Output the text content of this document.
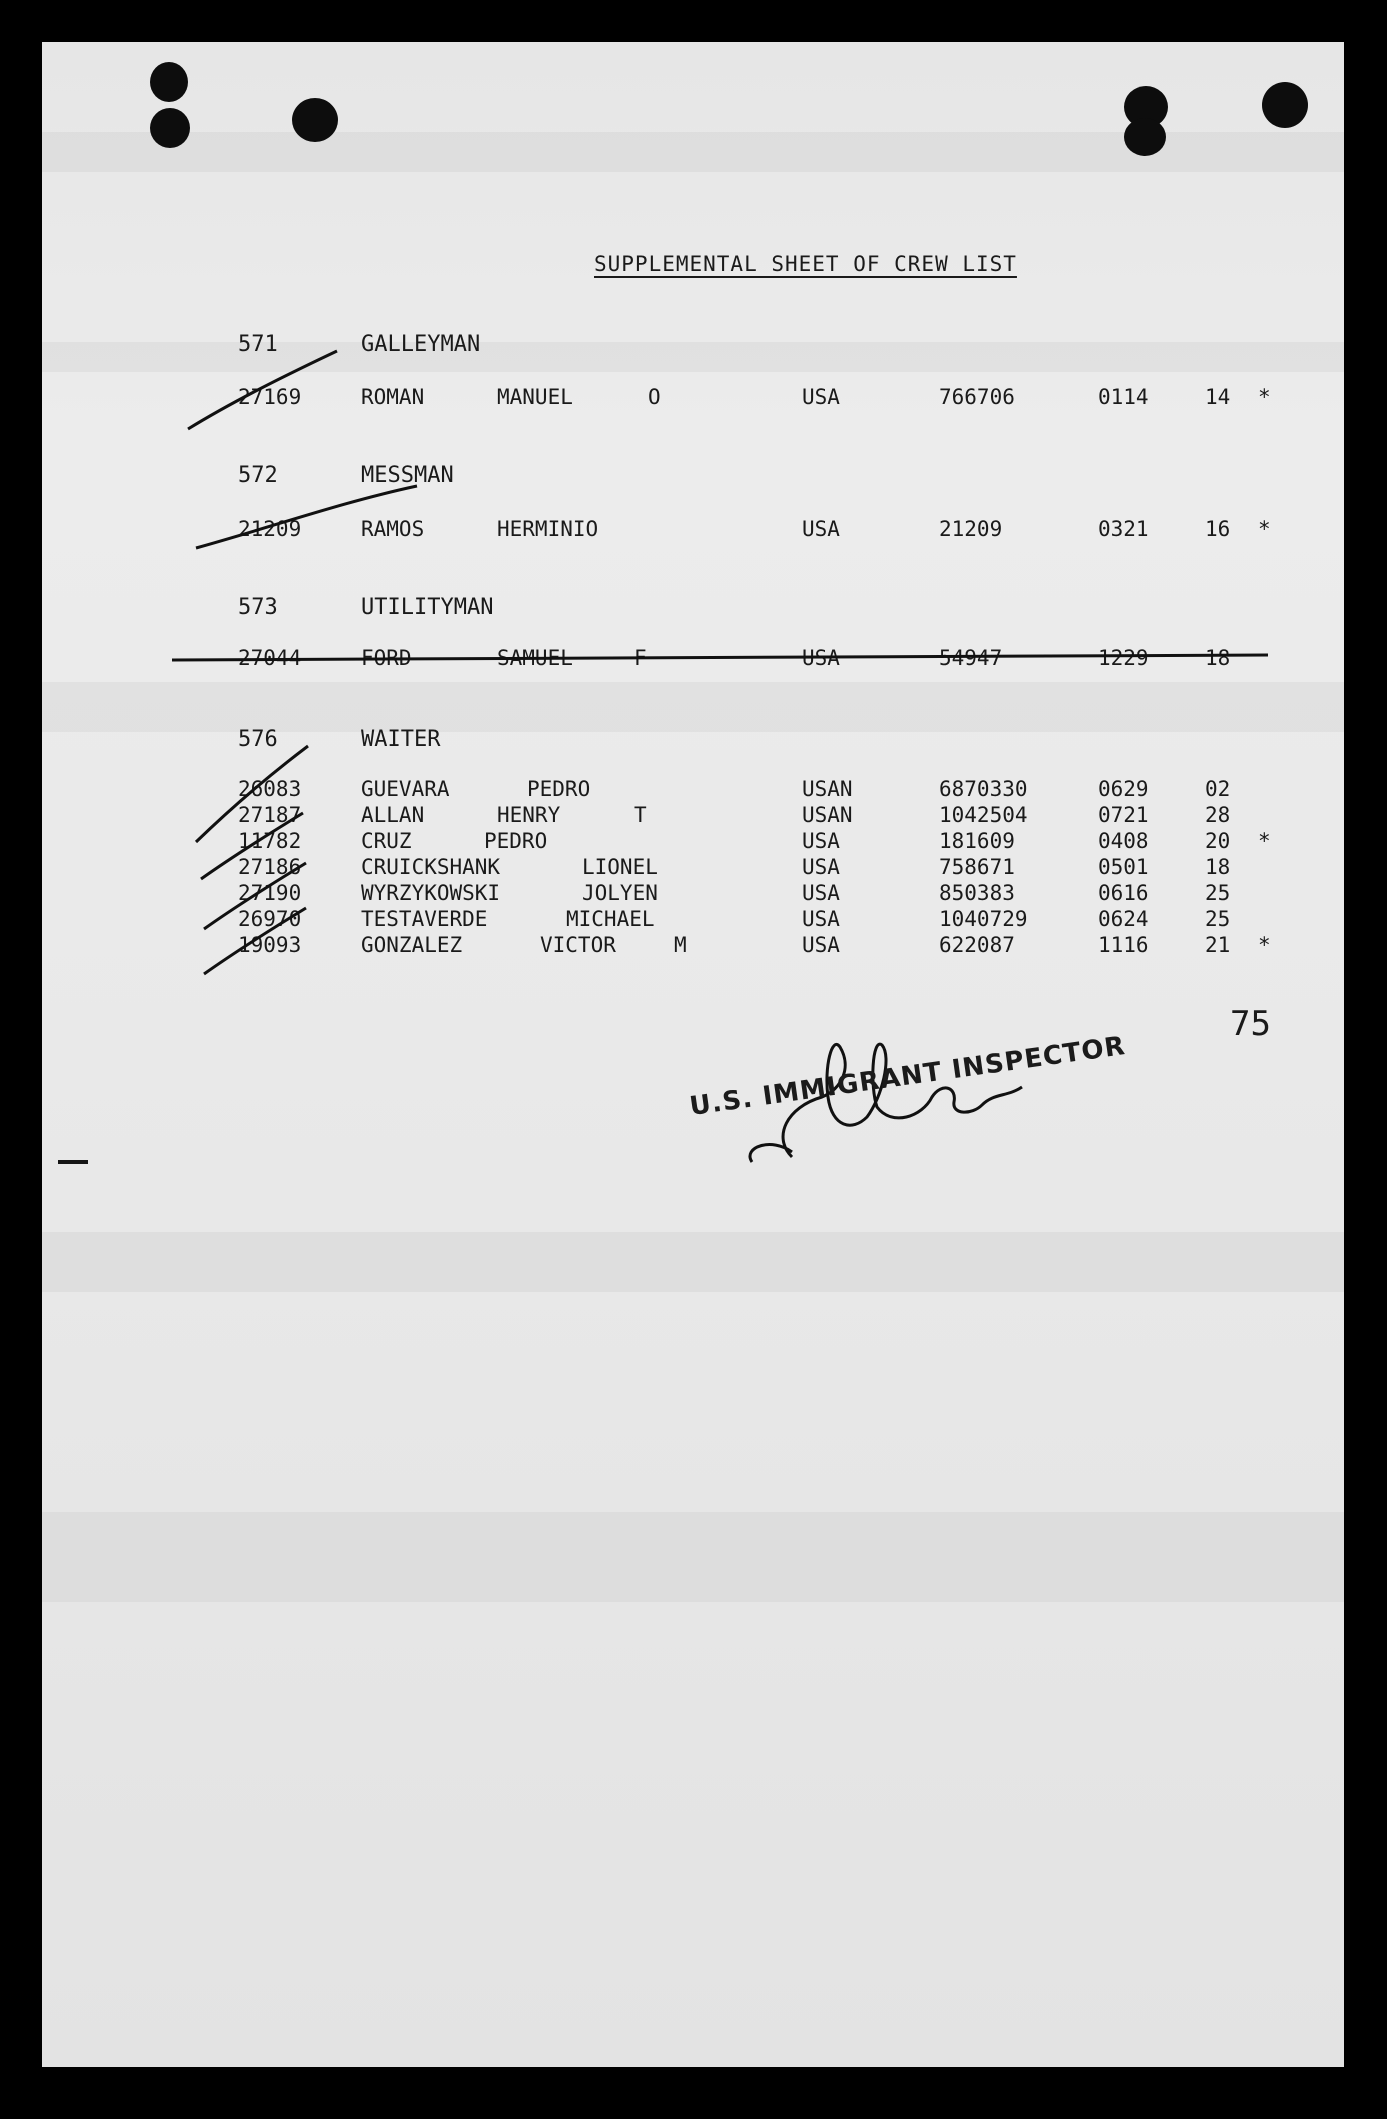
SUPPLEMENTAL SHEET OF CREW LIST
571	GALLEYMAN
27169	ROMAN	MANUEL	O	USA	766706	0114	14 *
572	MESSMAN
21209	RAMOS	HERMINIO	USA	21209	0321	16 *
573	UTILITYMAN
27044	FORD	SAMUEL	F	USA	54947	1229	18
576	WAITER
26083	GUEVARA	PEDRO	USAN	6870330	0629	02
27187	ALLAN	HENRY	T	USAN	1042504	0721	28
11782	CRUZ	PEDRO	USA	181609	0408	20 *
27186	CRUICKSHANK	LIONEL	USA	758671	0501	18
27190	WYRZYKOWSKI	JOLYEN	USA	850383	0616	25
26970	TESTAVERDE	MICHAEL	USA	1040729	0624	25
19093	GONZALEZ	VICTOR	M	USA	622087	1116	21 *
U.S. IMMIGRANT INSPECTOR
75
